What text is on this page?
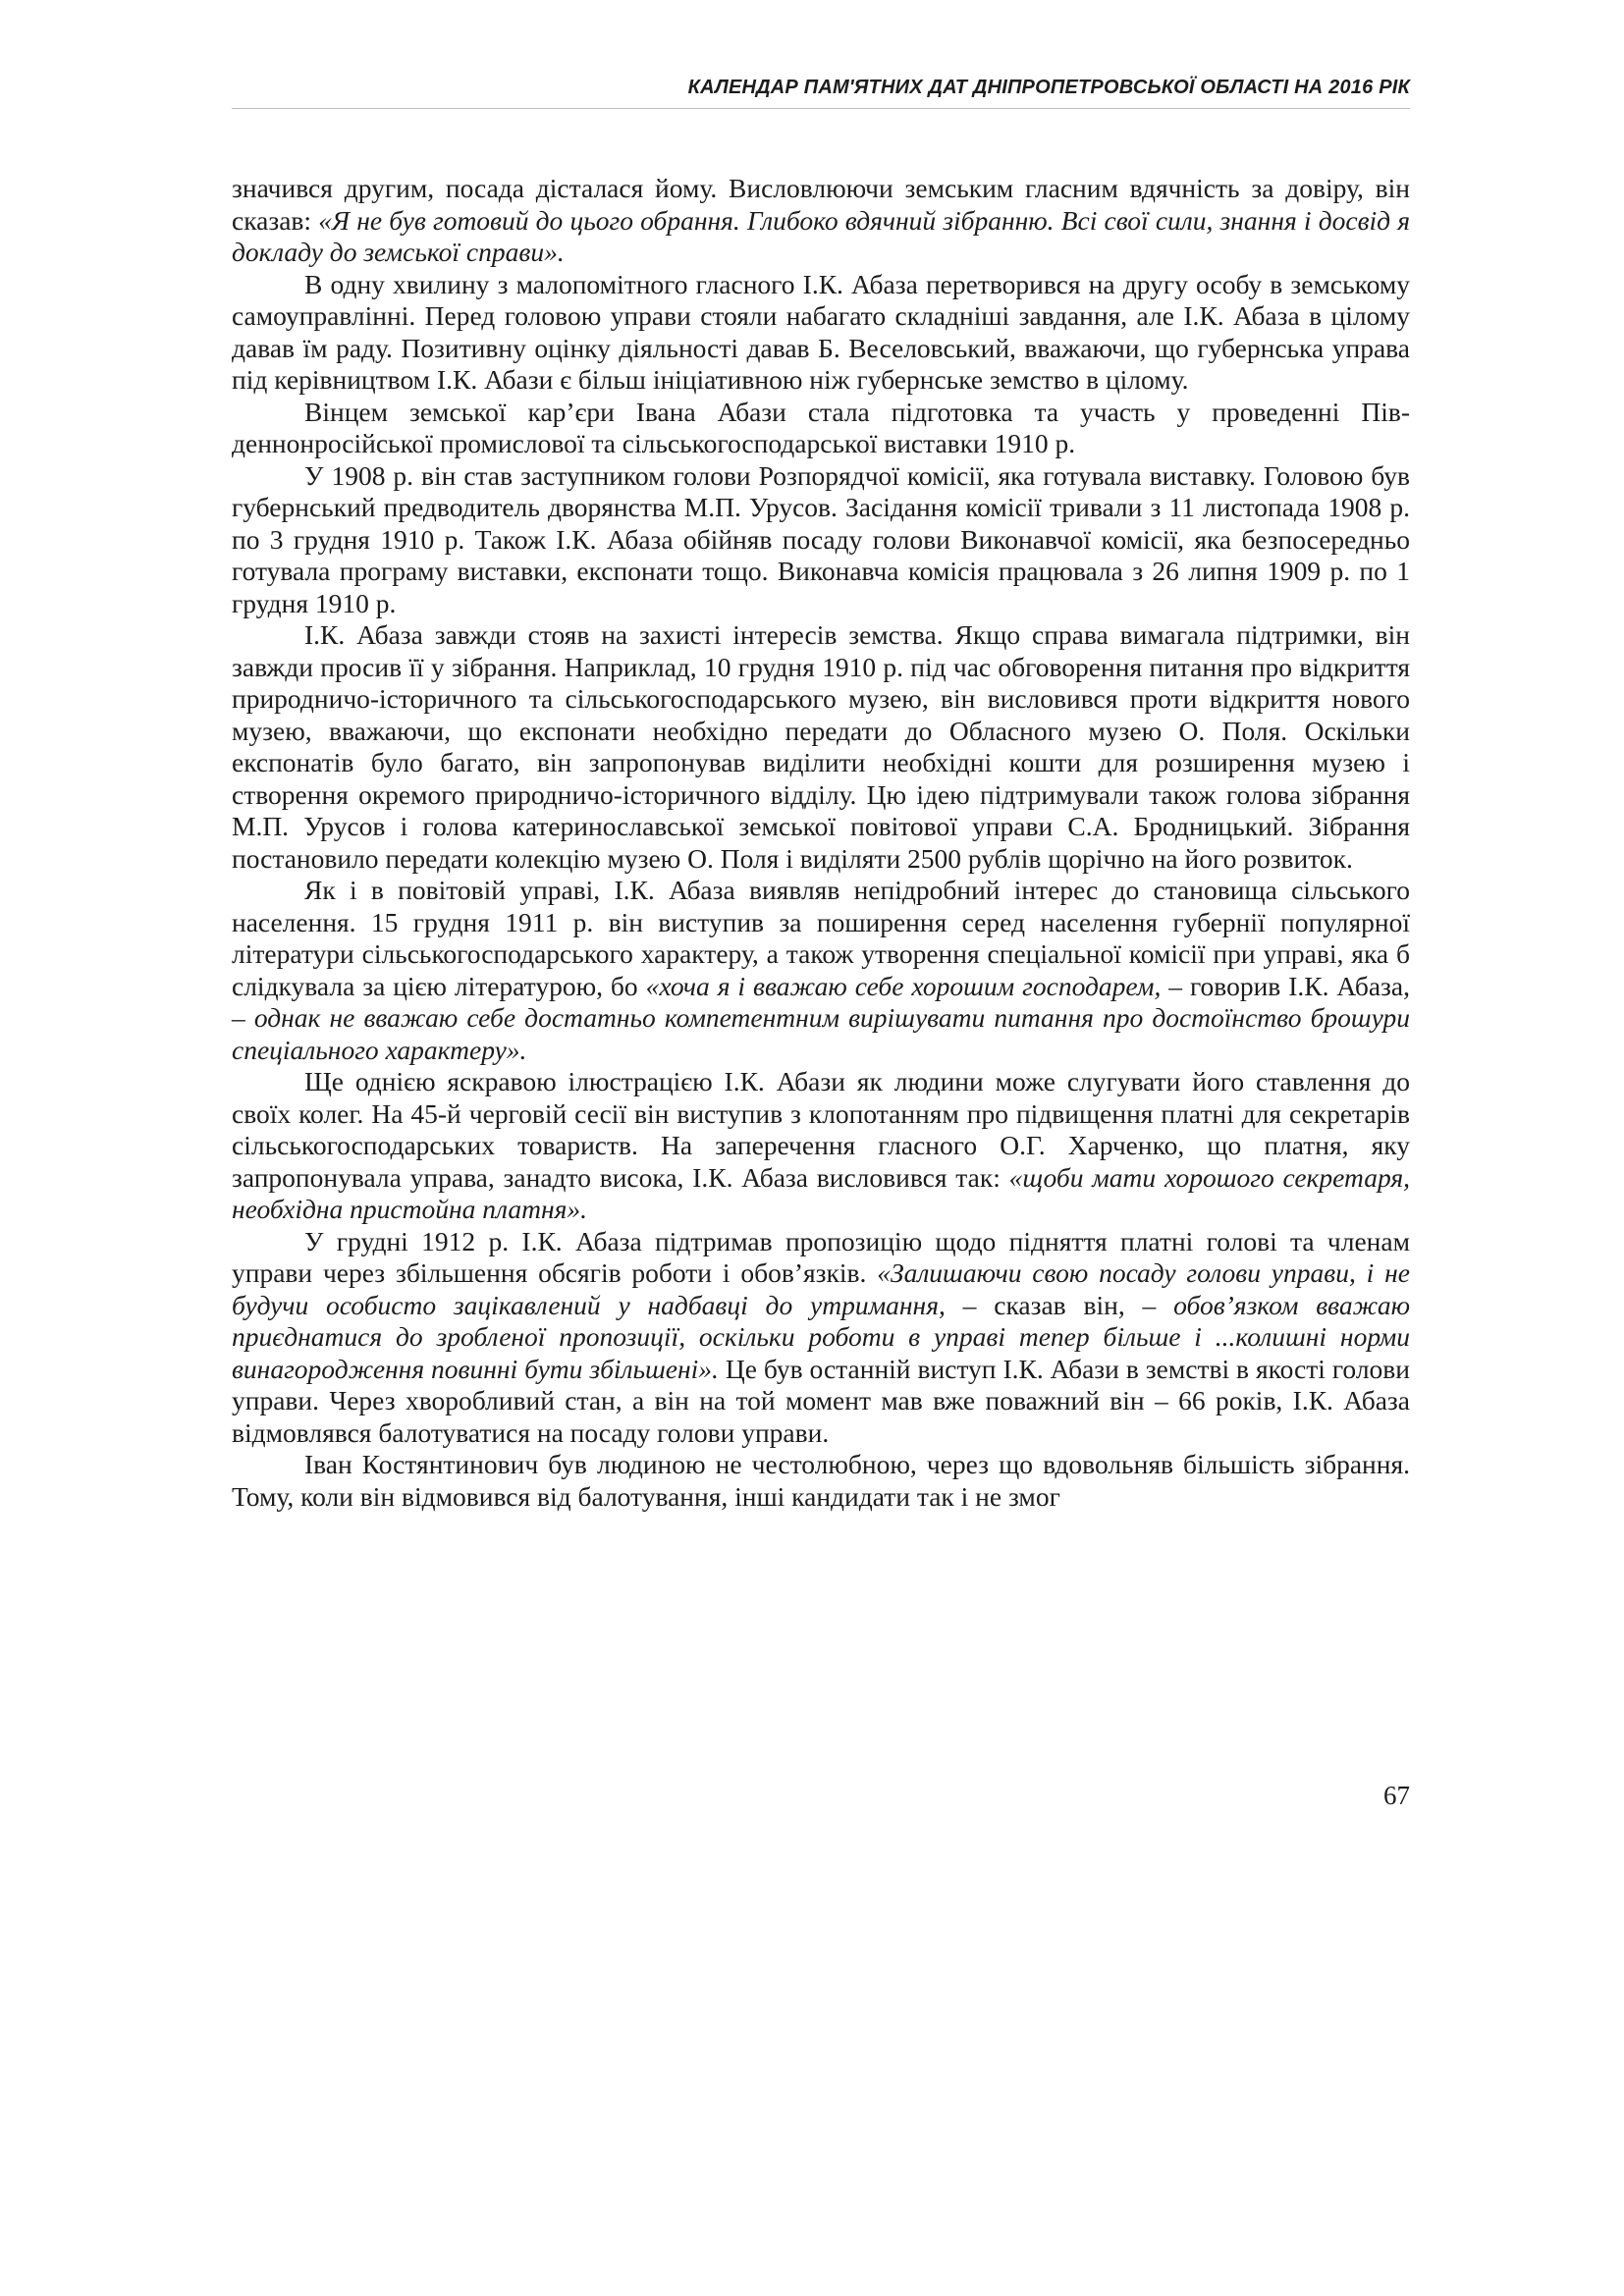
КАЛЕНДАР ПАМ'ЯТНИХ ДАТ ДНІПРОПЕТРОВСЬКОЇ ОБЛАСТІ НА 2016 РІК

значився другим, посада дісталася йому. Висловлюючи земським гласним вдячність за довіру, він сказав: «Я не був готовий до цього обрання. Глибоко вдячний зібранню. Всі свої сили, знання і досвід я докладу до земської справи».

В одну хвилину з малопомітного гласного І.К. Абаза перетворився на другу особу в земському самоуправлінні. Перед головою управи стояли набагато складніші завдання, але І.К. Абаза в цілому давав їм раду. Позитивну оцінку діяльності давав Б. Веселовський, вважаючи, що губернська управа під керівництвом І.К. Абази є більш ініціативною ніж губернське земство в цілому.

Вінцем земської кар’єри Івана Абази стала підготовка та участь у проведенні Південнонросійської промислової та сільськогосподарської виставки 1910 р.

У 1908 р. він став заступником голови Розпорядчої комісії, яка готувала виставку. Головою був губернський предводитель дворянства М.П. Урусов. Засідання комісії тривали з 11 листопада 1908 р. по 3 грудня 1910 р. Також І.К. Абаза обійняв посаду голови Виконавчої комісії, яка безпосередньо готувала програму виставки, експонати тощо. Виконавча комісія працювала з 26 липня 1909 р. по 1 грудня 1910 р.

І.К. Абаза завжди стояв на захисті інтересів земства. Якщо справа вимагала підтримки, він завжди просив її у зібрання. Наприклад, 10 грудня 1910 р. під час обговорення питання про відкриття природничо-історичного та сільськогосподарського музею, він висловився проти відкриття нового музею, вважаючи, що експонати необхідно передати до Обласного музею О. Поля. Оскільки експонатів було багато, він запропонував виділити необхідні кошти для розширення музею і створення окремого природничо-історичного відділу. Цю ідею підтримували також голова зібрання М.П. Урусов і голова катеринославської земської повітової управи С.А. Бродницький. Зібрання постановило передати колекцію музею О. Поля і виділяти 2500 рублів щорічно на його розвиток.

Як і в повітовій управі, І.К. Абаза виявляв непідробний інтерес до становища сільського населення. 15 грудня 1911 р. він виступив за поширення серед населення губернії популярної літератури сільськогосподарського характеру, а також утворення спеціальної комісії при управі, яка б слідкувала за цією літературою, бо «хоча я і вважаю себе хорошим господарем, – говорив І.К. Абаза, – однак не вважаю себе достатньо компетентним вирішувати питання про достоїнство брошури спеціального характеру».

Ще однією яскравою ілюстрацією І.К. Абази як людини може слугувати його ставлення до своїх колег. На 45-й черговій сесії він виступив з клопотанням про підвищення платні для секретарів сільськогосподарських товариств. На заперечення гласного О.Г. Харченко, що платня, яку запропонувала управа, занадто висока, І.К. Абаза висловився так: «щоби мати хорошого секретаря, необхідна пристойна платня».

У грудні 1912 р. І.К. Абаза підтримав пропозицію щодо підняття платні голові та членам управи через збільшення обсягів роботи і обов’язків. «Залишаючи свою посаду голови управи, і не будучи особисто зацікавлений у надбавці до утримання, – сказав він, – обов’язком вважаю приєднатися до зробленої пропозиції, оскільки роботи в управі тепер більше і ...колишні норми винагородження повинні бути збільшені». Це був останній виступ І.К. Абази в земстві в якості голови управи. Через хворобливий стан, а він на той момент мав вже поважний він – 66 років, І.К. Абаза відмовлявся балотуватися на посаду голови управи.

Іван Костянтинович був людиною не честолюбною, через що вдовольняв більшість зібрання. Тому, коли він відмовився від балотування, інші кандидати так і не змог

67
